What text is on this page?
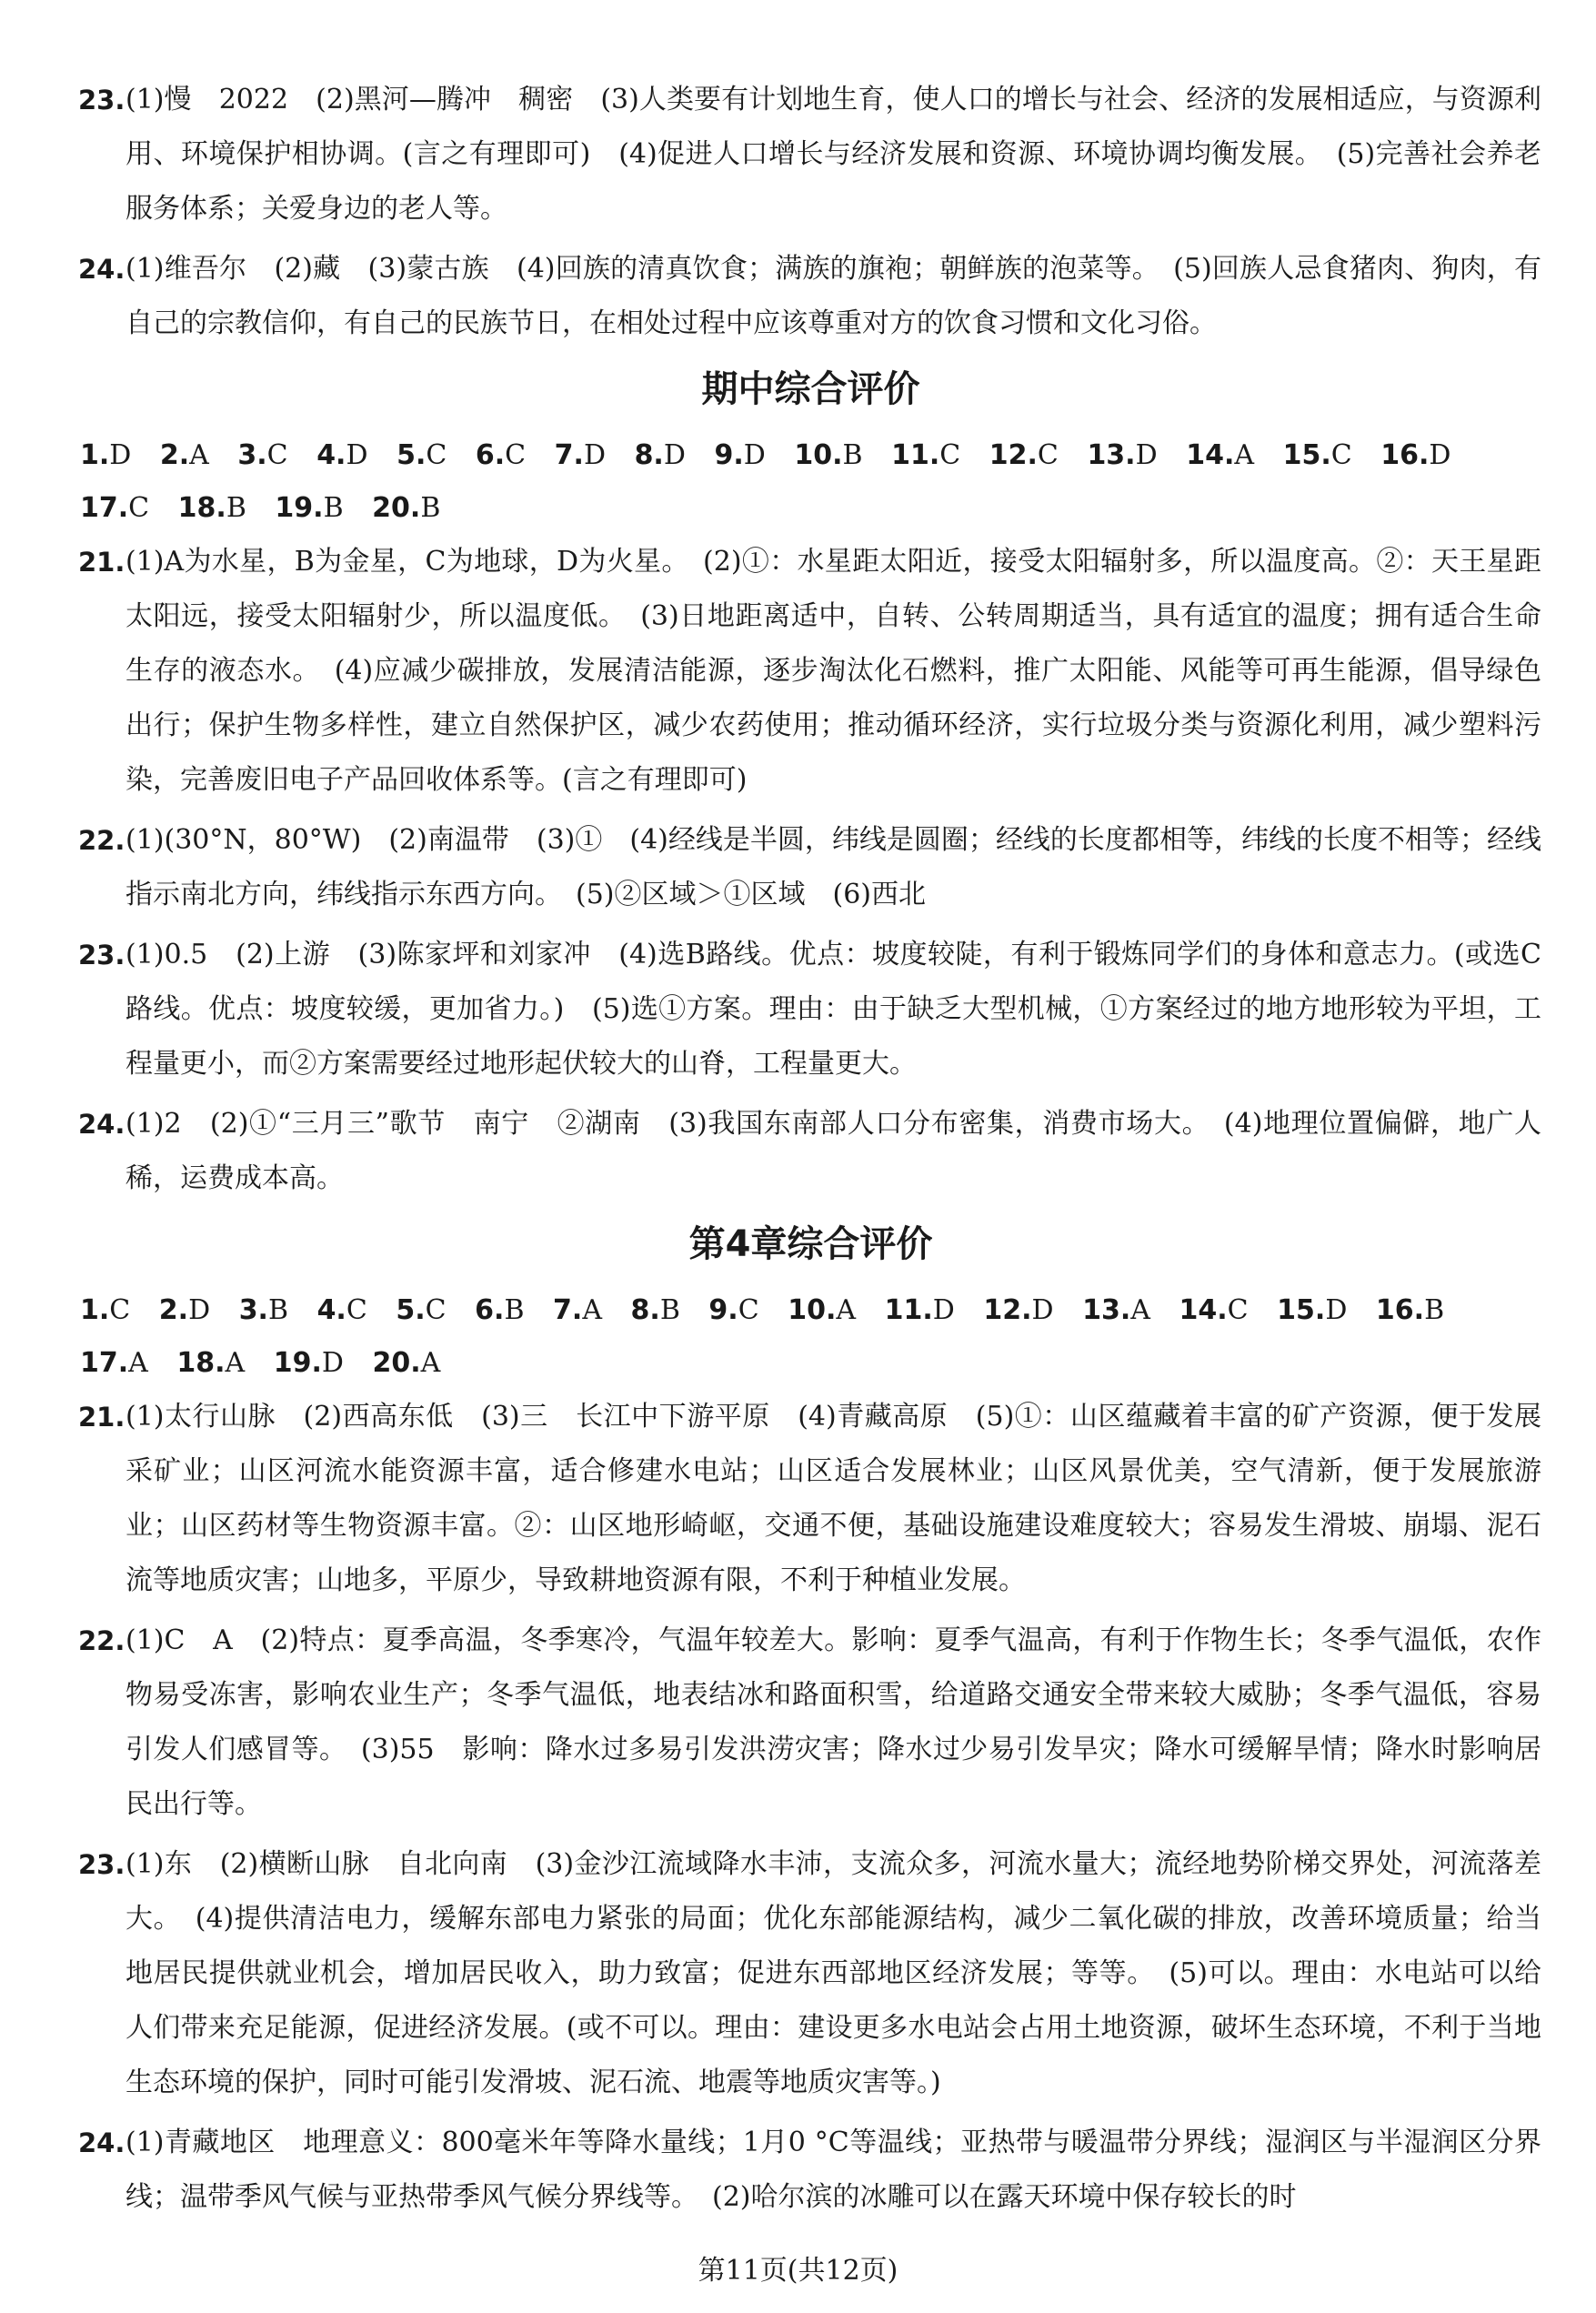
23. (1)慢　2022　(2)黑河—腾冲　稠密　(3)人类要有计划地生育，使人口的增长与社会、经济的发展相适应，与资源利用、环境保护相协调。(言之有理即可)　(4)促进人口增长与经济发展和资源、环境协调均衡发展。　(5)完善社会养老服务体系；关爱身边的老人等。
24. (1)维吾尔　(2)藏　(3)蒙古族　(4)回族的清真饮食；满族的旗袍；朝鲜族的泡菜等。　(5)回族人忌食猪肉、狗肉，有自己的宗教信仰，有自己的民族节日，在相处过程中应该尊重对方的饮食习惯和文化习俗。
期中综合评价
1.D 2.A 3.C 4.D 5.C 6.C 7.D 8.D 9.D 10.B 11.C 12.C 13.D 14.A 15.C 16.D
17.C 18.B 19.B 20.B
21. (1)A为水星，B为金星，C为地球，D为火星。　(2)①：水星距太阳近，接受太阳辐射多，所以温度高。②：天王星距太阳远，接受太阳辐射少，所以温度低。　(3)日地距离适中，自转、公转周期适当，具有适宜的温度；拥有适合生命生存的液态水。　(4)应减少碳排放，发展清洁能源，逐步淘汰化石燃料，推广太阳能、风能等可再生能源，倡导绿色出行；保护生物多样性，建立自然保护区，减少农药使用；推动循环经济，实行垃圾分类与资源化利用，减少塑料污染，完善废旧电子产品回收体系等。(言之有理即可)
22. (1)(30°N，80°W)　(2)南温带　(3)①　(4)经线是半圆，纬线是圆圈；经线的长度都相等，纬线的长度不相等；经线指示南北方向，纬线指示东西方向。　(5)②区域＞①区域　(6)西北
23. (1)0.5　(2)上游　(3)陈家坪和刘家冲　(4)选B路线。优点：坡度较陡，有利于锻炼同学们的身体和意志力。(或选C路线。优点：坡度较缓，更加省力。)　(5)选①方案。理由：由于缺乏大型机械，①方案经过的地方地形较为平坦，工程量更小，而②方案需要经过地形起伏较大的山脊，工程量更大。
24. (1)2　(2)①“三月三”歌节　南宁　②湖南　(3)我国东南部人口分布密集，消费市场大。　(4)地理位置偏僻，地广人稀，运费成本高。
第4章综合评价
1.C 2.D 3.B 4.C 5.C 6.B 7.A 8.B 9.C 10.A 11.D 12.D 13.A 14.C 15.D 16.B
17.A 18.A 19.D 20.A
21. (1)太行山脉　(2)西高东低　(3)三　长江中下游平原　(4)青藏高原　(5)①：山区蕴藏着丰富的矿产资源，便于发展采矿业；山区河流水能资源丰富，适合修建水电站；山区适合发展林业；山区风景优美，空气清新，便于发展旅游业；山区药材等生物资源丰富。②：山区地形崎岖，交通不便，基础设施建设难度较大；容易发生滑坡、崩塌、泥石流等地质灾害；山地多，平原少，导致耕地资源有限，不利于种植业发展。
22. (1)C　A　(2)特点：夏季高温，冬季寒冷，气温年较差大。影响：夏季气温高，有利于作物生长；冬季气温低，农作物易受冻害，影响农业生产；冬季气温低，地表结冰和路面积雪，给道路交通安全带来较大威胁；冬季气温低，容易引发人们感冒等。　(3)55　影响：降水过多易引发洪涝灾害；降水过少易引发旱灾；降水可缓解旱情；降水时影响居民出行等。
23. (1)东　(2)横断山脉　自北向南　(3)金沙江流域降水丰沛，支流众多，河流水量大；流经地势阶梯交界处，河流落差大。　(4)提供清洁电力，缓解东部电力紧张的局面；优化东部能源结构，减少二氧化碳的排放，改善环境质量；给当地居民提供就业机会，增加居民收入，助力致富；促进东西部地区经济发展；等等。　(5)可以。理由：水电站可以给人们带来充足能源，促进经济发展。(或不可以。理由：建设更多水电站会占用土地资源，破坏生态环境，不利于当地生态环境的保护，同时可能引发滑坡、泥石流、地震等地质灾害等。)
24. (1)青藏地区　地理意义：800毫米年等降水量线；1月0 °C等温线；亚热带与暖温带分界线；湿润区与半湿润区分界线；温带季风气候与亚热带季风气候分界线等。　(2)哈尔滨的冰雕可以在露天环境中保存较长的时
第11页(共12页)
